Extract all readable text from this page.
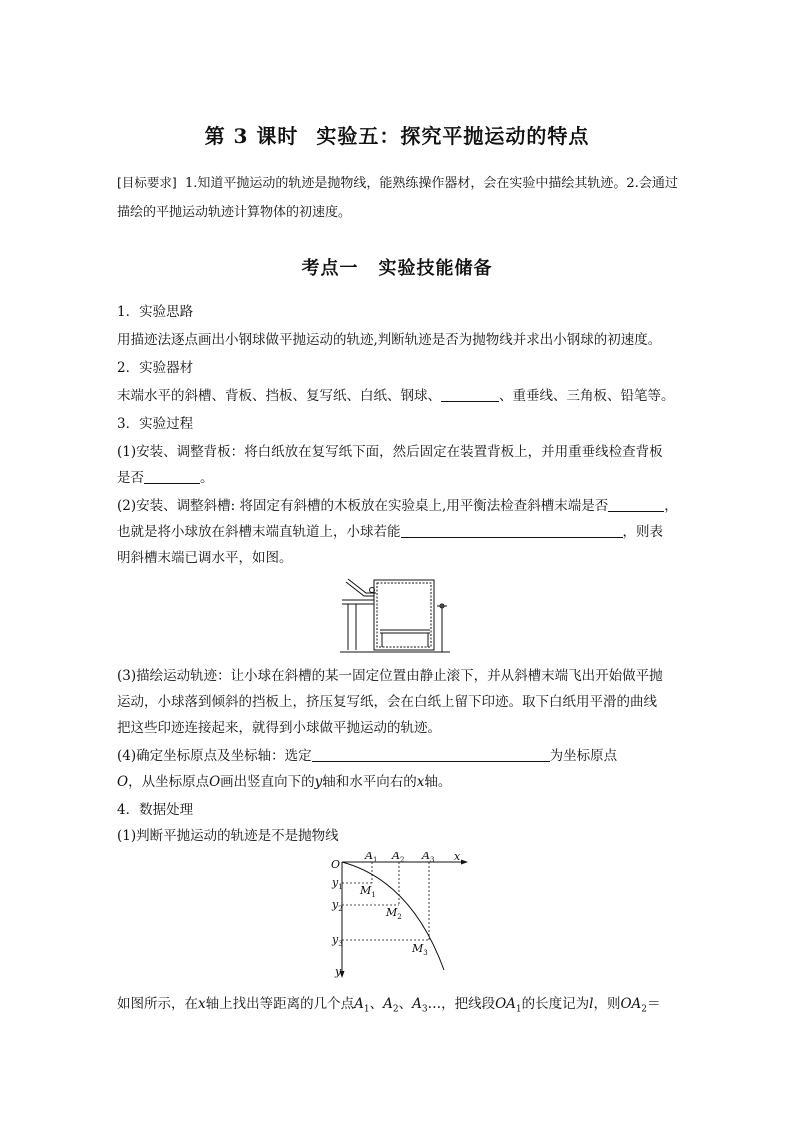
第 3 课时 实验五：探究平抛运动的特点
[目标要求] 1.知道平抛运动的轨迹是抛物线，能熟练操作器材，会在实验中描绘其轨迹。2.会通过描绘的平抛运动轨迹计算物体的初速度。
考点一 实验技能储备
1．实验思路
用描迹法逐点画出小钢球做平抛运动的轨迹,判断轨迹是否为抛物线并求出小钢球的初速度。
2．实验器材
末端水平的斜槽、背板、挡板、复写纸、白纸、钢球、	、重垂线、三角板、铅笔等。
3．实验过程
(1)安装、调整背板：将白纸放在复写纸下面，然后固定在装置背板上，并用重垂线检查背板
是否	。
(2)安装、调整斜槽: 将固定有斜槽的木板放在实验桌上,用平衡法检查斜槽末端是否	，
也就是将小球放在斜槽末端直轨道上，小球若能	，则表
明斜槽末端已调水平，如图。
(3)描绘运动轨迹：让小球在斜槽的某一固定位置由静止滚下，并从斜槽末端飞出开始做平抛
运动，小球落到倾斜的挡板上，挤压复写纸，会在白纸上留下印迹。取下白纸用平滑的曲线
把这些印迹连接起来，就得到小球做平抛运动的轨迹。
(4)确定坐标原点及坐标轴：选定	为坐标原点
O，从坐标原点O画出竖直向下的y轴和水平向右的x轴。
4．数据处理
(1)判断平抛运动的轨迹是不是抛物线
O
x
y
$A_1$ $A_2$ $A_3$
$y_1$
$y_2$
$y_3$
$M_1$
$M_2$
$M_3$
如图所示，在x轴上找出等距离的几个点$A_1$、$A_2$、$A_3\dots$，把线段$OA_1$的长度记为l，则$OA_2=$
